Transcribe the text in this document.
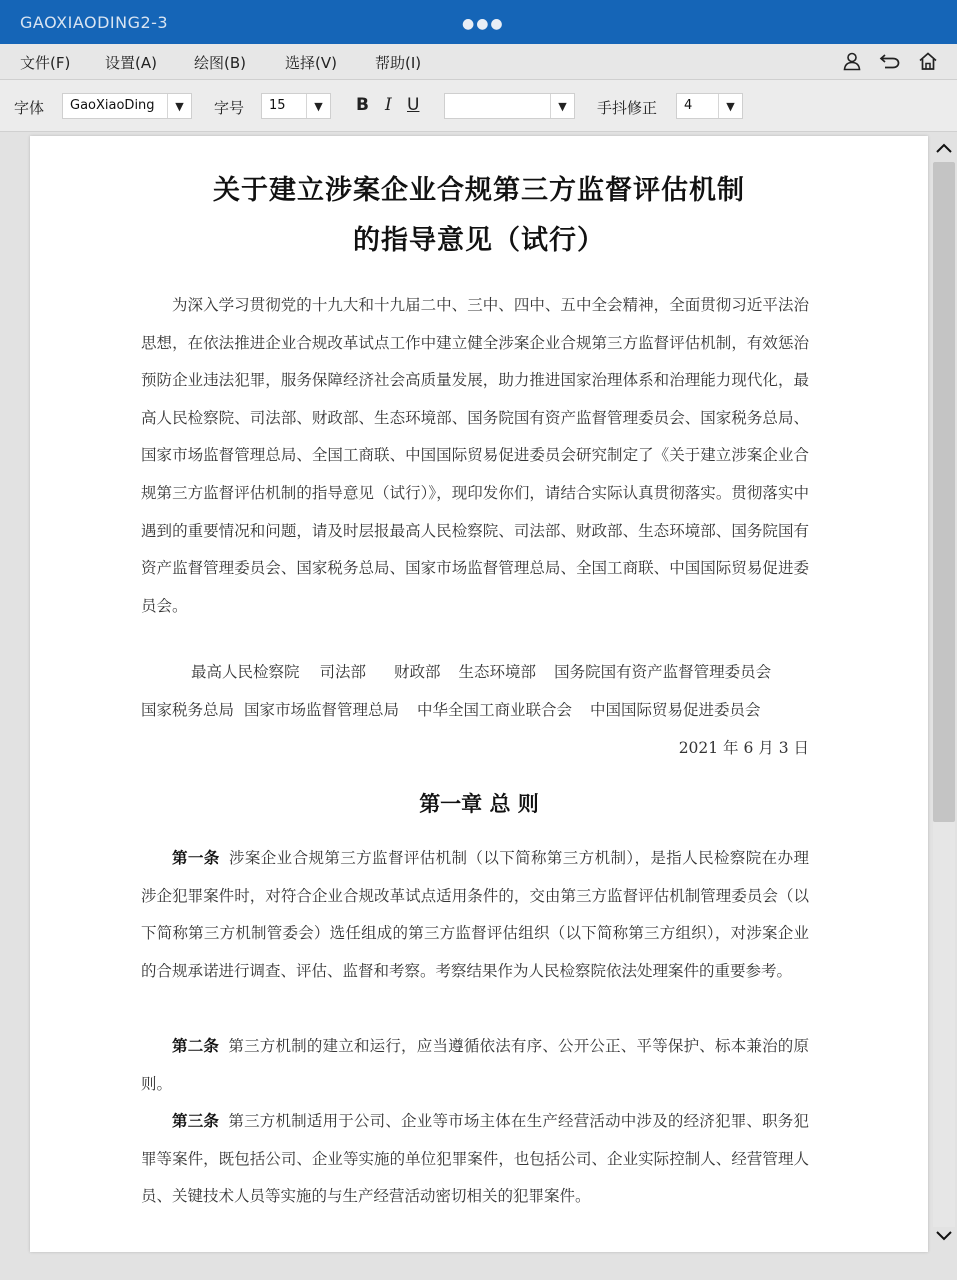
GAOXIAODING2-3	●●●
文件(F) 设置(A) 绘图(B)	选择(V)	帮助(I)
字体 GaoXiaoDing	▼	字号 15	▼	B I U	▼	手抖修正 4	▼
关于建立涉案企业合规第三方监督评估机制
的指导意见（试行）
为深入学习贯彻党的十九大和十九届二中、三中、四中、五中全会精神，全面贯彻习近平法治思想，在依法推进企业合规改革试点工作中建立健全涉案企业合规第三方监督评估机制，有效惩治预防企业违法犯罪，服务保障经济社会高质量发展，助力推进国家治理体系和治理能力现代化，最高人民检察院、司法部、财政部、生态环境部、国务院国有资产监督管理委员会、国家税务总局、国家市场监督管理总局、全国工商联、中国国际贸易促进委员会研究制定了《关于建立涉案企业合规第三方监督评估机制的指导意见（试行）》，现印发你们，请结合实际认真贯彻落实。贯彻落实中遇到的重要情况和问题，请及时层报最高人民检察院、司法部、财政部、生态环境部、国务院国有资产监督管理委员会、国家税务总局、国家市场监督管理总局、全国工商联、中国国际贸易促进委员会。
最高人民检察院 司法部 财政部 生态环境部 国务院国有资产监督管理委员会
国家税务总局 国家市场监督管理总局 中华全国工商业联合会 中国国际贸易促进委员会
2021 年 6 月 3 日
第一章 总 则
第一条 涉案企业合规第三方监督评估机制（以下简称第三方机制），是指人民检察院在办理涉企犯罪案件时，对符合企业合规改革试点适用条件的，交由第三方监督评估机制管理委员会（以下简称第三方机制管委会）选任组成的第三方监督评估组织（以下简称第三方组织），对涉案企业的合规承诺进行调查、评估、监督和考察。考察结果作为人民检察院依法处理案件的重要参考。
第二条 第三方机制的建立和运行，应当遵循依法有序、公开公正、平等保护、标本兼治的原则。
第三条 第三方机制适用于公司、企业等市场主体在生产经营活动中涉及的经济犯罪、职务犯罪等案件，既包括公司、企业等实施的单位犯罪案件，也包括公司、企业实际控制人、经营管理人员、关键技术人员等实施的与生产经营活动密切相关的犯罪案件。
